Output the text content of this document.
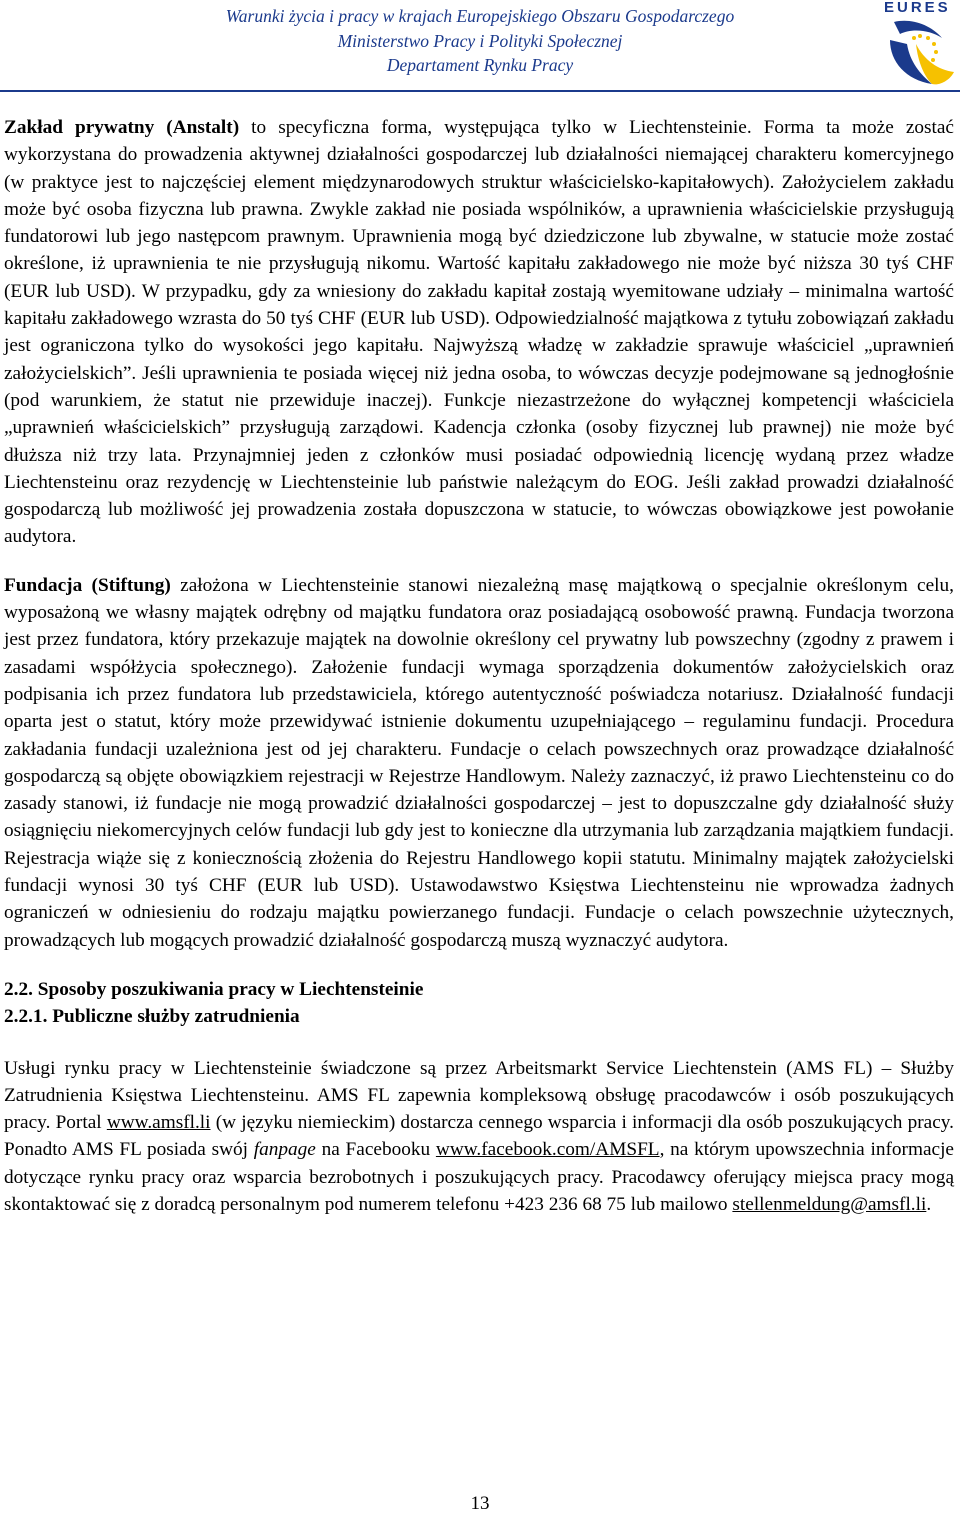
Warunki życia i pracy w krajach Europejskiego Obszaru Gospodarczego
Ministerstwo Pracy i Polityki Społecznej
Departament Rynku Pracy
EURES

Zakład prywatny (Anstalt) to specyficzna forma, występująca tylko w Liechtensteinie. Forma ta może zostać wykorzystana do prowadzenia aktywnej działalności gospodarczej lub działalności niemającej charakteru komercyjnego (w praktyce jest to najczęściej element międzynarodowych struktur właścicielsko-kapitałowych). Założycielem zakładu może być osoba fizyczna lub prawna. Zwykle zakład nie posiada wspólników, a uprawnienia właścicielskie przysługują fundatorowi lub jego następcom prawnym. Uprawnienia mogą być dziedziczone lub zbywalne, w statucie może zostać określone, iż uprawnienia te nie przysługują nikomu. Wartość kapitału zakładowego nie może być niższa 30 tyś CHF (EUR lub USD). W przypadku, gdy za wniesiony do zakładu kapitał zostają wyemitowane udziały – minimalna wartość kapitału zakładowego wzrasta do 50 tyś CHF (EUR lub USD). Odpowiedzialność majątkowa z tytułu zobowiązań zakładu jest ograniczona tylko do wysokości jego kapitału. Najwyższą władzę w zakładzie sprawuje właściciel „uprawnień założycielskich”. Jeśli uprawnienia te posiada więcej niż jedna osoba, to wówczas decyzje podejmowane są jednogłośnie (pod warunkiem, że statut nie przewiduje inaczej). Funkcje niezastrzeżone do wyłącznej kompetencji właściciela „uprawnień właścicielskich” przysługują zarządowi. Kadencja członka (osoby fizycznej lub prawnej) nie może być dłuższa niż trzy lata. Przynajmniej jeden z członków musi posiadać odpowiednią licencję wydaną przez władze Liechtensteinu oraz rezydencję w Liechtensteinie lub państwie należącym do EOG. Jeśli zakład prowadzi działalność gospodarczą lub możliwość jej prowadzenia została dopuszczona w statucie, to wówczas obowiązkowe jest powołanie audytora.

Fundacja (Stiftung) założona w Liechtensteinie stanowi niezależną masę majątkową o specjalnie określonym celu, wyposażoną we własny majątek odrębny od majątku fundatora oraz posiadającą osobowość prawną. Fundacja tworzona jest przez fundatora, który przekazuje majątek na dowolnie określony cel prywatny lub powszechny (zgodny z prawem i zasadami współżycia społecznego). Założenie fundacji wymaga sporządzenia dokumentów założycielskich oraz podpisania ich przez fundatora lub przedstawiciela, którego autentyczność poświadcza notariusz. Działalność fundacji oparta jest o statut, który może przewidywać istnienie dokumentu uzupełniającego – regulaminu fundacji. Procedura zakładania fundacji uzależniona jest od jej charakteru. Fundacje o celach powszechnych oraz prowadzące działalność gospodarczą są objęte obowiązkiem rejestracji w Rejestrze Handlowym. Należy zaznaczyć, iż prawo Liechtensteinu co do zasady stanowi, iż fundacje nie mogą prowadzić działalności gospodarczej – jest to dopuszczalne gdy działalność służy osiągnięciu niekomercyjnych celów fundacji lub gdy jest to konieczne dla utrzymania lub zarządzania majątkiem fundacji. Rejestracja wiąże się z koniecznością złożenia do Rejestru Handlowego kopii statutu. Minimalny majątek założycielski fundacji wynosi 30 tyś CHF (EUR lub USD). Ustawodawstwo Księstwa Liechtensteinu nie wprowadza żadnych ograniczeń w odniesieniu do rodzaju majątku powierzanego fundacji. Fundacje o celach powszechnie użytecznych, prowadzących lub mogących prowadzić działalność gospodarczą muszą wyznaczyć audytora.

2.2. Sposoby poszukiwania pracy w Liechtensteinie
2.2.1. Publiczne służby zatrudnienia

Usługi rynku pracy w Liechtensteinie świadczone są przez Arbeitsmarkt Service Liechtenstein (AMS FL) – Służby Zatrudnienia Księstwa Liechtensteinu. AMS FL zapewnia kompleksową obsługę pracodawców i osób poszukujących pracy. Portal www.amsfl.li (w języku niemieckim) dostarcza cennego wsparcia i informacji dla osób poszukujących pracy. Ponadto AMS FL posiada swój fanpage na Facebooku www.facebook.com/AMSFL, na którym upowszechnia informacje dotyczące rynku pracy oraz wsparcia bezrobotnych i poszukujących pracy. Pracodawcy oferujący miejsca pracy mogą skontaktować się z doradcą personalnym pod numerem telefonu +423 236 68 75 lub mailowo stellenmeldung@amsfl.li.

13
